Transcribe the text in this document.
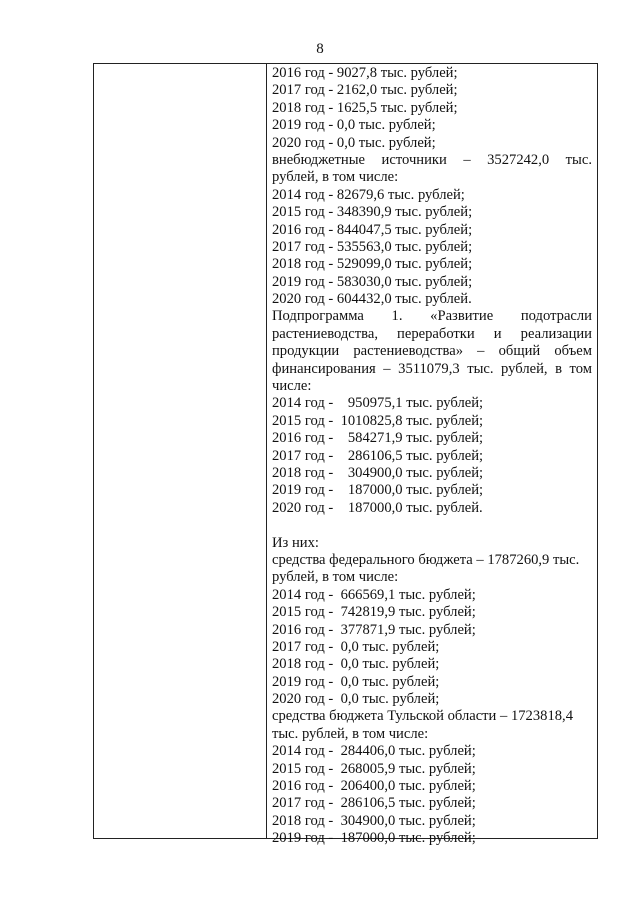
8
2016 год - 9027,8 тыс. рублей;
2017 год - 2162,0 тыс. рублей;
2018 год - 1625,5 тыс. рублей;
2019 год - 0,0 тыс. рублей;
2020 год - 0,0 тыс. рублей;
внебюджетные источники – 3527242,0 тыс.
рублей, в том числе:
2014 год - 82679,6 тыс. рублей;
2015 год - 348390,9 тыс. рублей;
2016 год - 844047,5 тыс. рублей;
2017 год - 535563,0 тыс. рублей;
2018 год - 529099,0 тыс. рублей;
2019 год - 583030,0 тыс. рублей;
2020 год - 604432,0 тыс. рублей.
Подпрограмма 1. «Развитие подотрасли
растениеводства, переработки и реализации
продукции растениеводства» – общий объем
финансирования – 3511079,3 тыс. рублей, в том
числе:
2014 год -    950975,1 тыс. рублей;
2015 год -  1010825,8 тыс. рублей;
2016 год -    584271,9 тыс. рублей;
2017 год -    286106,5 тыс. рублей;
2018 год -    304900,0 тыс. рублей;
2019 год -    187000,0 тыс. рублей;
2020 год -    187000,0 тыс. рублей.
Из них:
средства федерального бюджета – 1787260,9 тыс.
рублей, в том числе:
2014 год -  666569,1 тыс. рублей;
2015 год -  742819,9 тыс. рублей;
2016 год -  377871,9 тыс. рублей;
2017 год -  0,0 тыс. рублей;
2018 год -  0,0 тыс. рублей;
2019 год -  0,0 тыс. рублей;
2020 год -  0,0 тыс. рублей;
средства бюджета Тульской области – 1723818,4
тыс. рублей, в том числе:
2014 год -  284406,0 тыс. рублей;
2015 год -  268005,9 тыс. рублей;
2016 год -  206400,0 тыс. рублей;
2017 год -  286106,5 тыс. рублей;
2018 год -  304900,0 тыс. рублей;
2019 год -  187000,0 тыс. рублей;
